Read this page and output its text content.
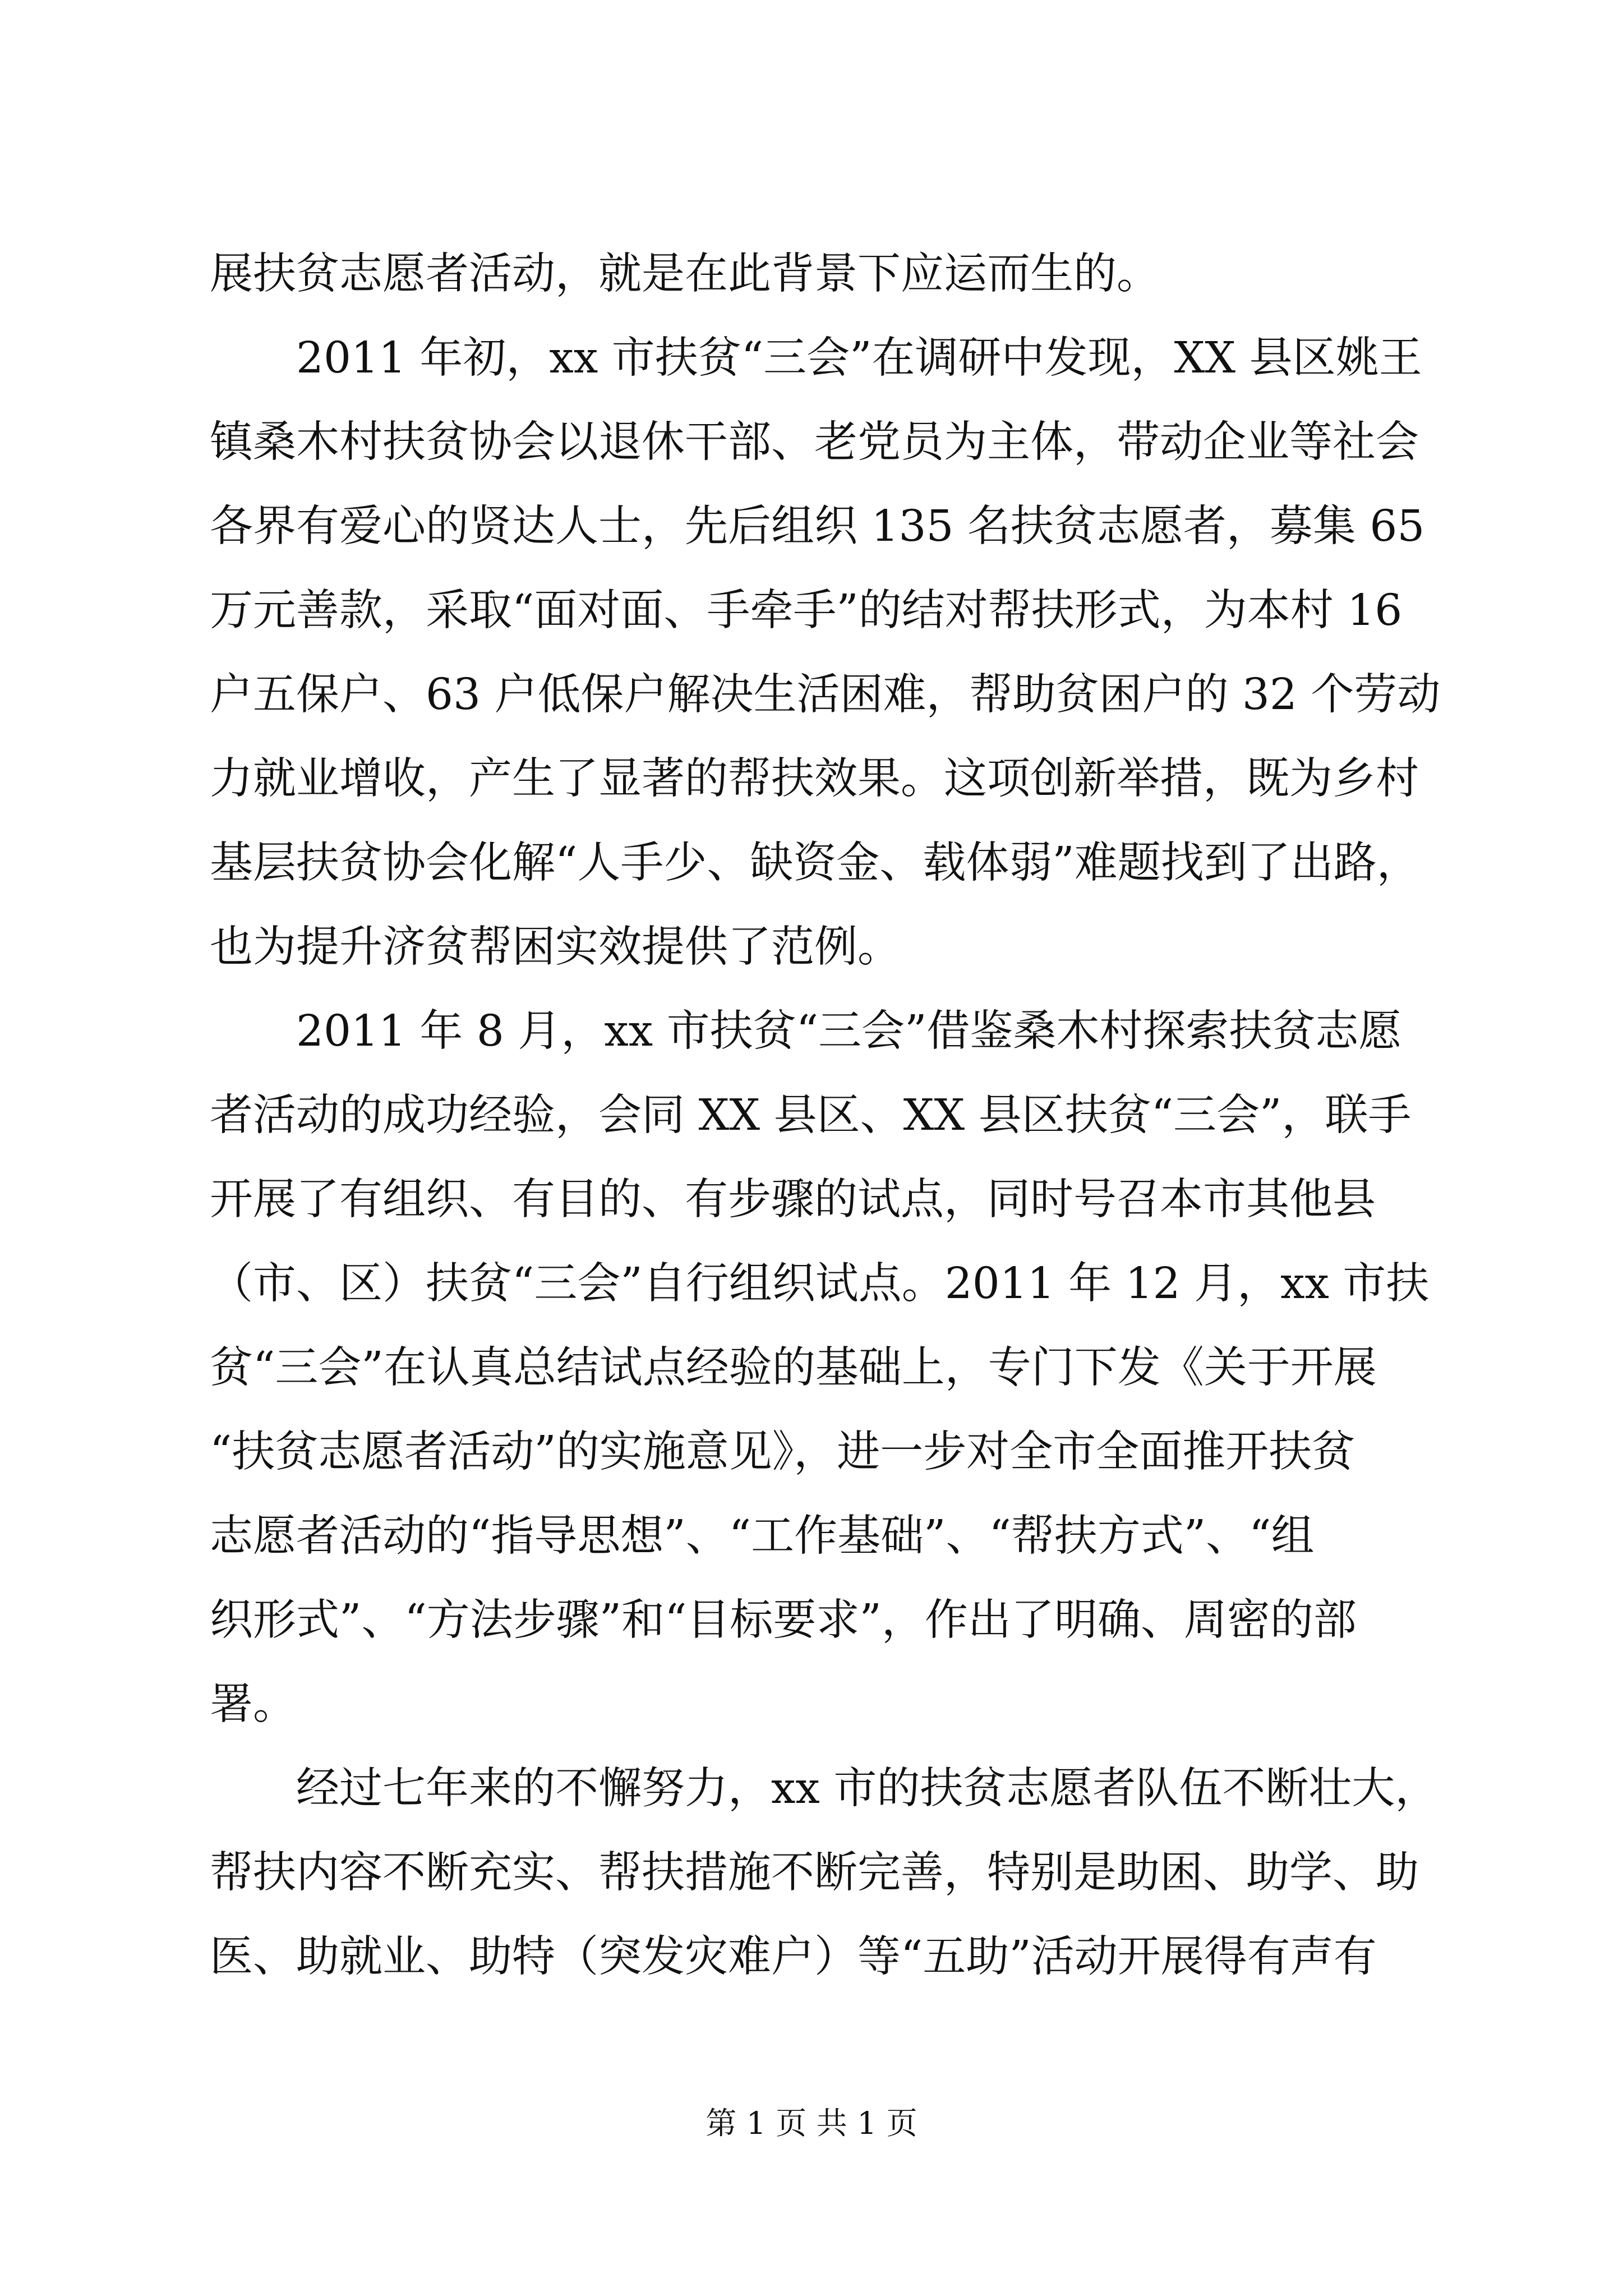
展扶贫志愿者活动，就是在此背景下应运而生的。
2011 年初，xx 市扶贫“三会”在调研中发现，XX 县区姚王
镇桑木村扶贫协会以退休干部、老党员为主体，带动企业等社会
各界有爱心的贤达人士，先后组织 135 名扶贫志愿者，募集 65
万元善款，采取“面对面、手牵手”的结对帮扶形式，为本村 16
户五保户、63 户低保户解决生活困难，帮助贫困户的 32 个劳动
力就业增收，产生了显著的帮扶效果。这项创新举措，既为乡村
基层扶贫协会化解“人手少、缺资金、载体弱”难题找到了出路，
也为提升济贫帮困实效提供了范例。
2011 年 8 月，xx 市扶贫“三会”借鉴桑木村探索扶贫志愿
者活动的成功经验，会同 XX 县区、XX 县区扶贫“三会”，联手
开展了有组织、有目的、有步骤的试点，同时号召本市其他县
（市、区）扶贫“三会”自行组织试点。2011 年 12 月，xx 市扶
贫“三会”在认真总结试点经验的基础上，专门下发《关于开展
“扶贫志愿者活动”的实施意见》，进一步对全市全面推开扶贫
志愿者活动的“指导思想”、“工作基础”、“帮扶方式”、“组
织形式”、“方法步骤”和“目标要求”，作出了明确、周密的部
署。
经过七年来的不懈努力，xx 市的扶贫志愿者队伍不断壮大，
帮扶内容不断充实、帮扶措施不断完善，特别是助困、助学、助
医、助就业、助特（突发灾难户）等“五助”活动开展得有声有
第 1 页 共 1 页
